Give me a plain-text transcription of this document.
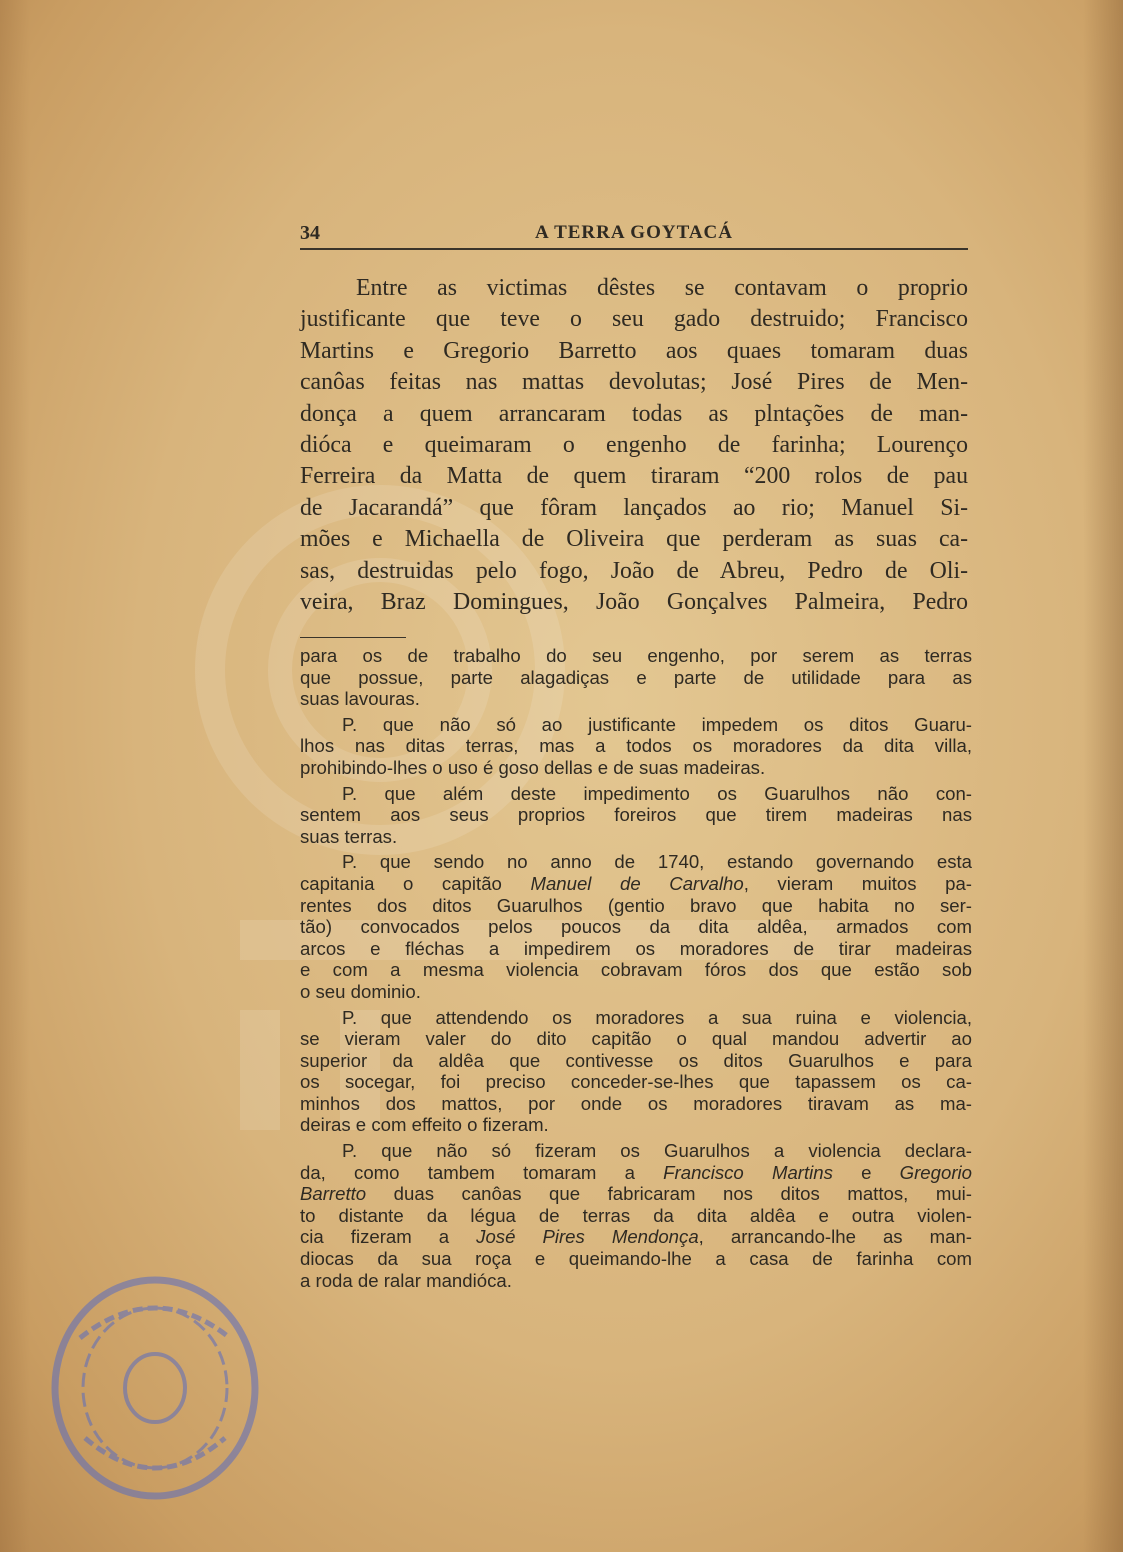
34	A TERRA GOYTACÁ
Entre as victimas dêstes se contavam o proprio
justificante que teve o seu gado destruido; Francisco
Martins e Gregorio Barretto aos quaes tomaram duas
canôas feitas nas mattas devolutas; José Pires de Men-
donça a quem arrancaram todas as plntações de man-
dióca e queimaram o engenho de farinha; Lourenço
Ferreira da Matta de quem tiraram “200 rolos de pau
de Jacarandá” que fôram lançados ao rio; Manuel Si-
mões e Michaella de Oliveira que perderam as suas ca-
sas, destruidas pelo fogo, João de Abreu, Pedro de Oli-
veira, Braz Domingues, João Gonçalves Palmeira, Pedro
para os de trabalho do seu engenho, por serem as terras
que possue, parte alagadiças e parte de utilidade para as
suas lavouras.
P. que não só ao justificante impedem os ditos Guaru-
lhos nas ditas terras, mas a todos os moradores da dita villa,
prohibindo-lhes o uso é goso dellas e de suas madeiras.
P. que além deste impedimento os Guarulhos não con-
sentem aos seus proprios foreiros que tirem madeiras nas
suas terras.
P. que sendo no anno de 1740, estando governando esta
capitania o capitão Manuel de Carvalho, vieram muitos pa-
rentes dos ditos Guarulhos (gentio bravo que habita no ser-
tão) convocados pelos poucos da dita aldêa, armados com
arcos e fléchas a impedirem os moradores de tirar madeiras
e com a mesma violencia cobravam fóros dos que estão sob
o seu dominio.
P. que attendendo os moradores a sua ruina e violencia,
se vieram valer do dito capitão o qual mandou advertir ao
superior da aldêa que contivesse os ditos Guarulhos e para
os socegar, foi preciso conceder-se-lhes que tapassem os ca-
minhos dos mattos, por onde os moradores tiravam as ma-
deiras e com effeito o fizeram.
P. que não só fizeram os Guarulhos a violencia declara-
da, como tambem tomaram a Francisco Martins e Gregorio
Barretto duas canôas que fabricaram nos ditos mattos, mui-
to distante da légua de terras da dita aldêa e outra violen-
cia fizeram a José Pires Mendonça, arrancando-lhe as man-
diocas da sua roça e queimando-lhe a casa de farinha com
a roda de ralar mandióca.
